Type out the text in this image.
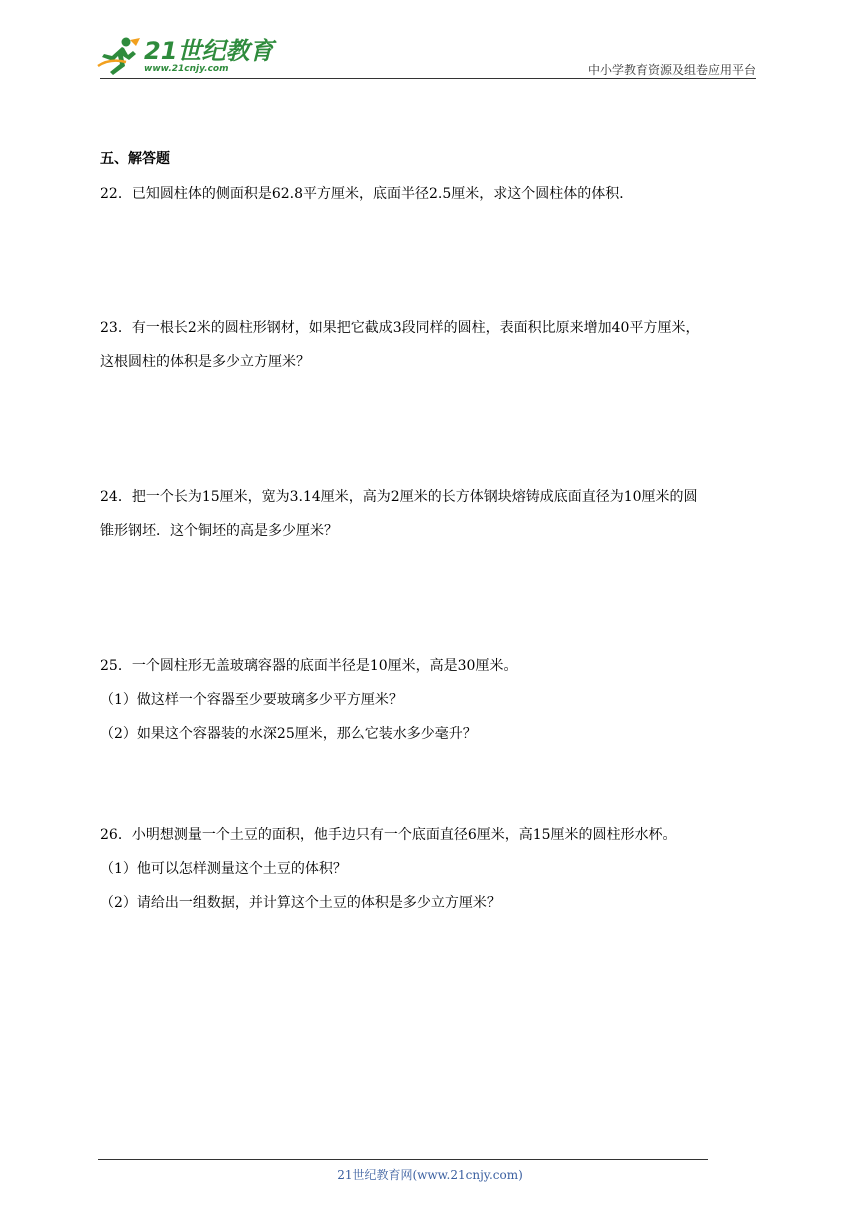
21世纪教育
www.21cnjy.com	中小学教育资源及组卷应用平台

五、解答题

22．已知圆柱体的侧面积是62.8平方厘米，底面半径2.5厘米，求这个圆柱体的体积．

23．有一根长2米的圆柱形钢材，如果把它截成3段同样的圆柱，表面积比原来增加40平方厘米，

这根圆柱的体积是多少立方厘米？

24．把一个长为15厘米，宽为3.14厘米，高为2厘米的长方体钢块熔铸成底面直径为10厘米的圆

锥形钢坯．这个铜坯的高是多少厘米？

25．一个圆柱形无盖玻璃容器的底面半径是10厘米，高是30厘米。

（1）做这样一个容器至少要玻璃多少平方厘米？

（2）如果这个容器装的水深25厘米，那么它装水多少毫升？

26．小明想测量一个土豆的面积，他手边只有一个底面直径6厘米，高15厘米的圆柱形水杯。

（1）他可以怎样测量这个土豆的体积？

（2）请给出一组数据，并计算这个土豆的体积是多少立方厘米？

21世纪教育网(www.21cnjy.com)
